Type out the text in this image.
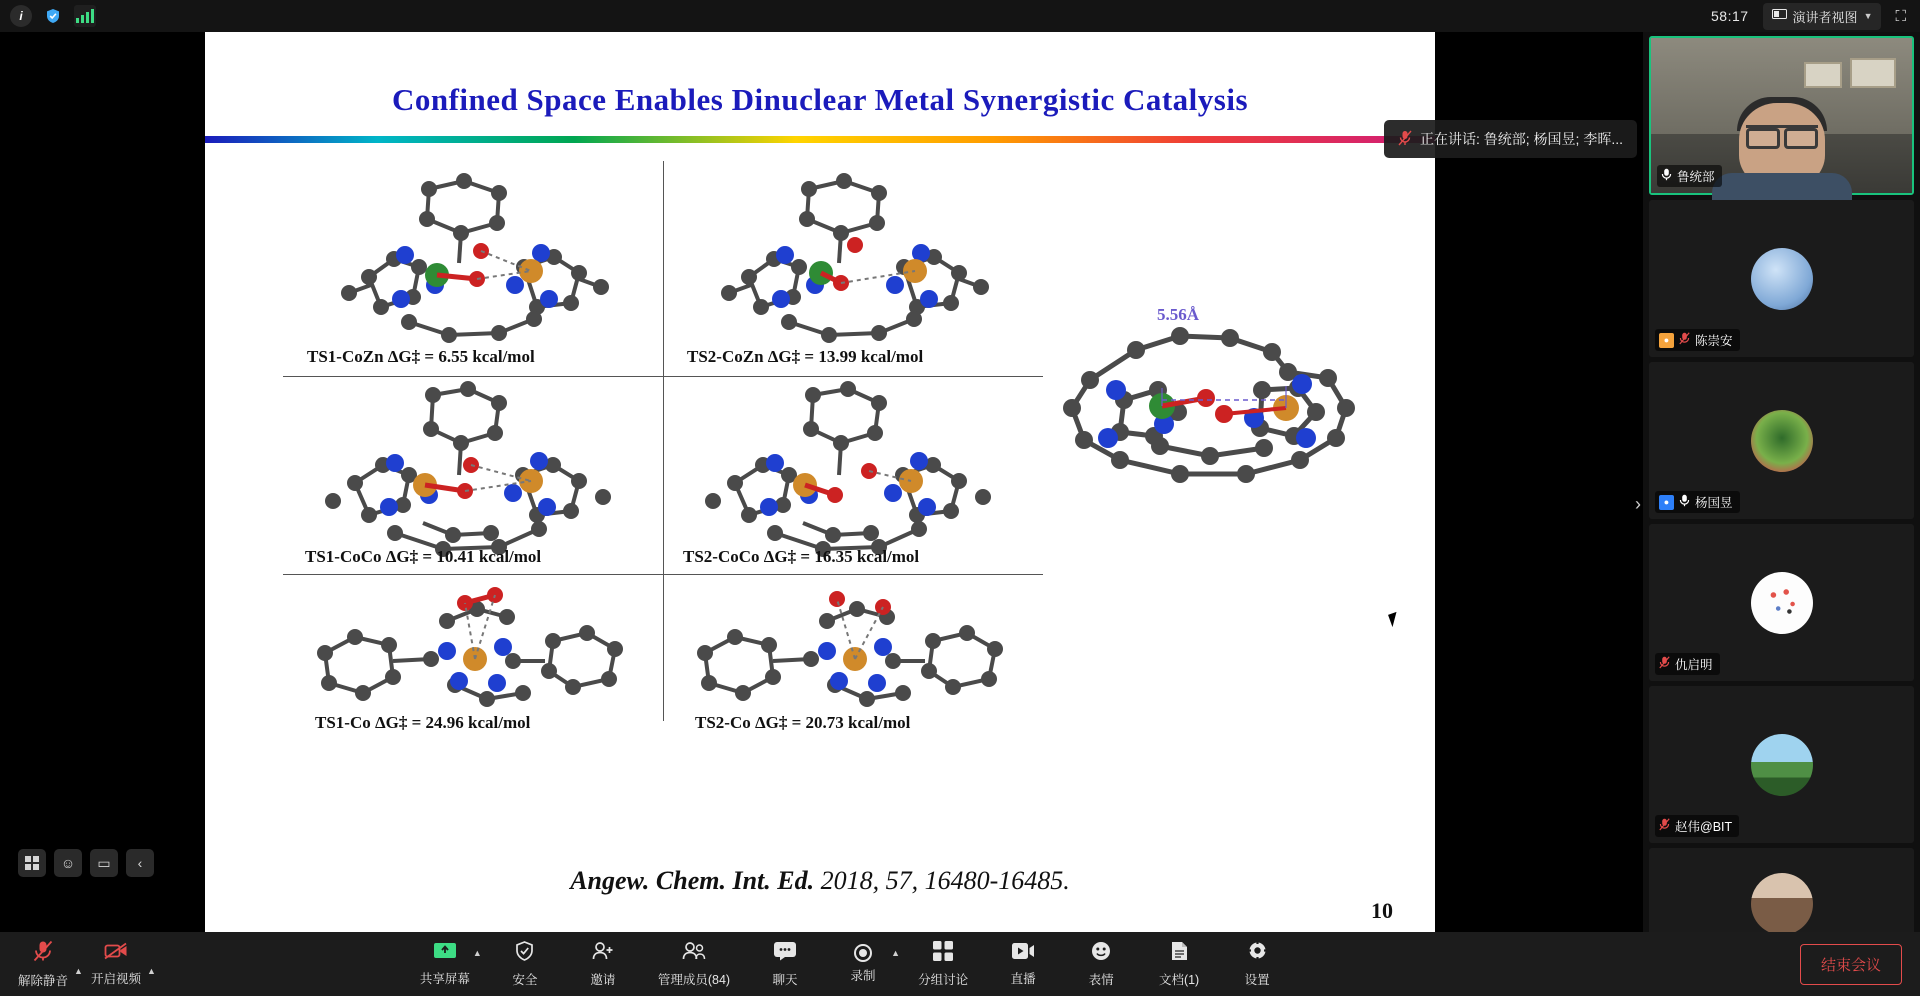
i	58:17	演讲者视图 ▼ ⛶
Confined Space Enables Dinuclear Metal Synergistic Catalysis
TS1-CoZn ΔG‡ = 6.55 kcal/mol	TS2-CoZn ΔG‡ = 13.99 kcal/mol
TS1-CoCo ΔG‡ = 10.41 kcal/mol	TS2-CoCo ΔG‡ = 16.35 kcal/mol
TS1-Co ΔG‡ = 24.96 kcal/mol	TS2-Co ΔG‡ = 20.73 kcal/mol
5.56Å
Angew. Chem. Int. Ed. 2018, 57, 16480-16485.
10
☺	▭	‹
›
正在讲话: 鲁统部; 杨国昱; 李晖...
鲁统部
●	陈崇安
●	杨国昱
仇启明
赵伟@BIT
解除静音
▲
开启视频
▲
共享屏幕
▲
安全	邀请	管理成员(84)	聊天	录制
▲
分组讨论	直播	表情	文档(1)	设置
结束会议
